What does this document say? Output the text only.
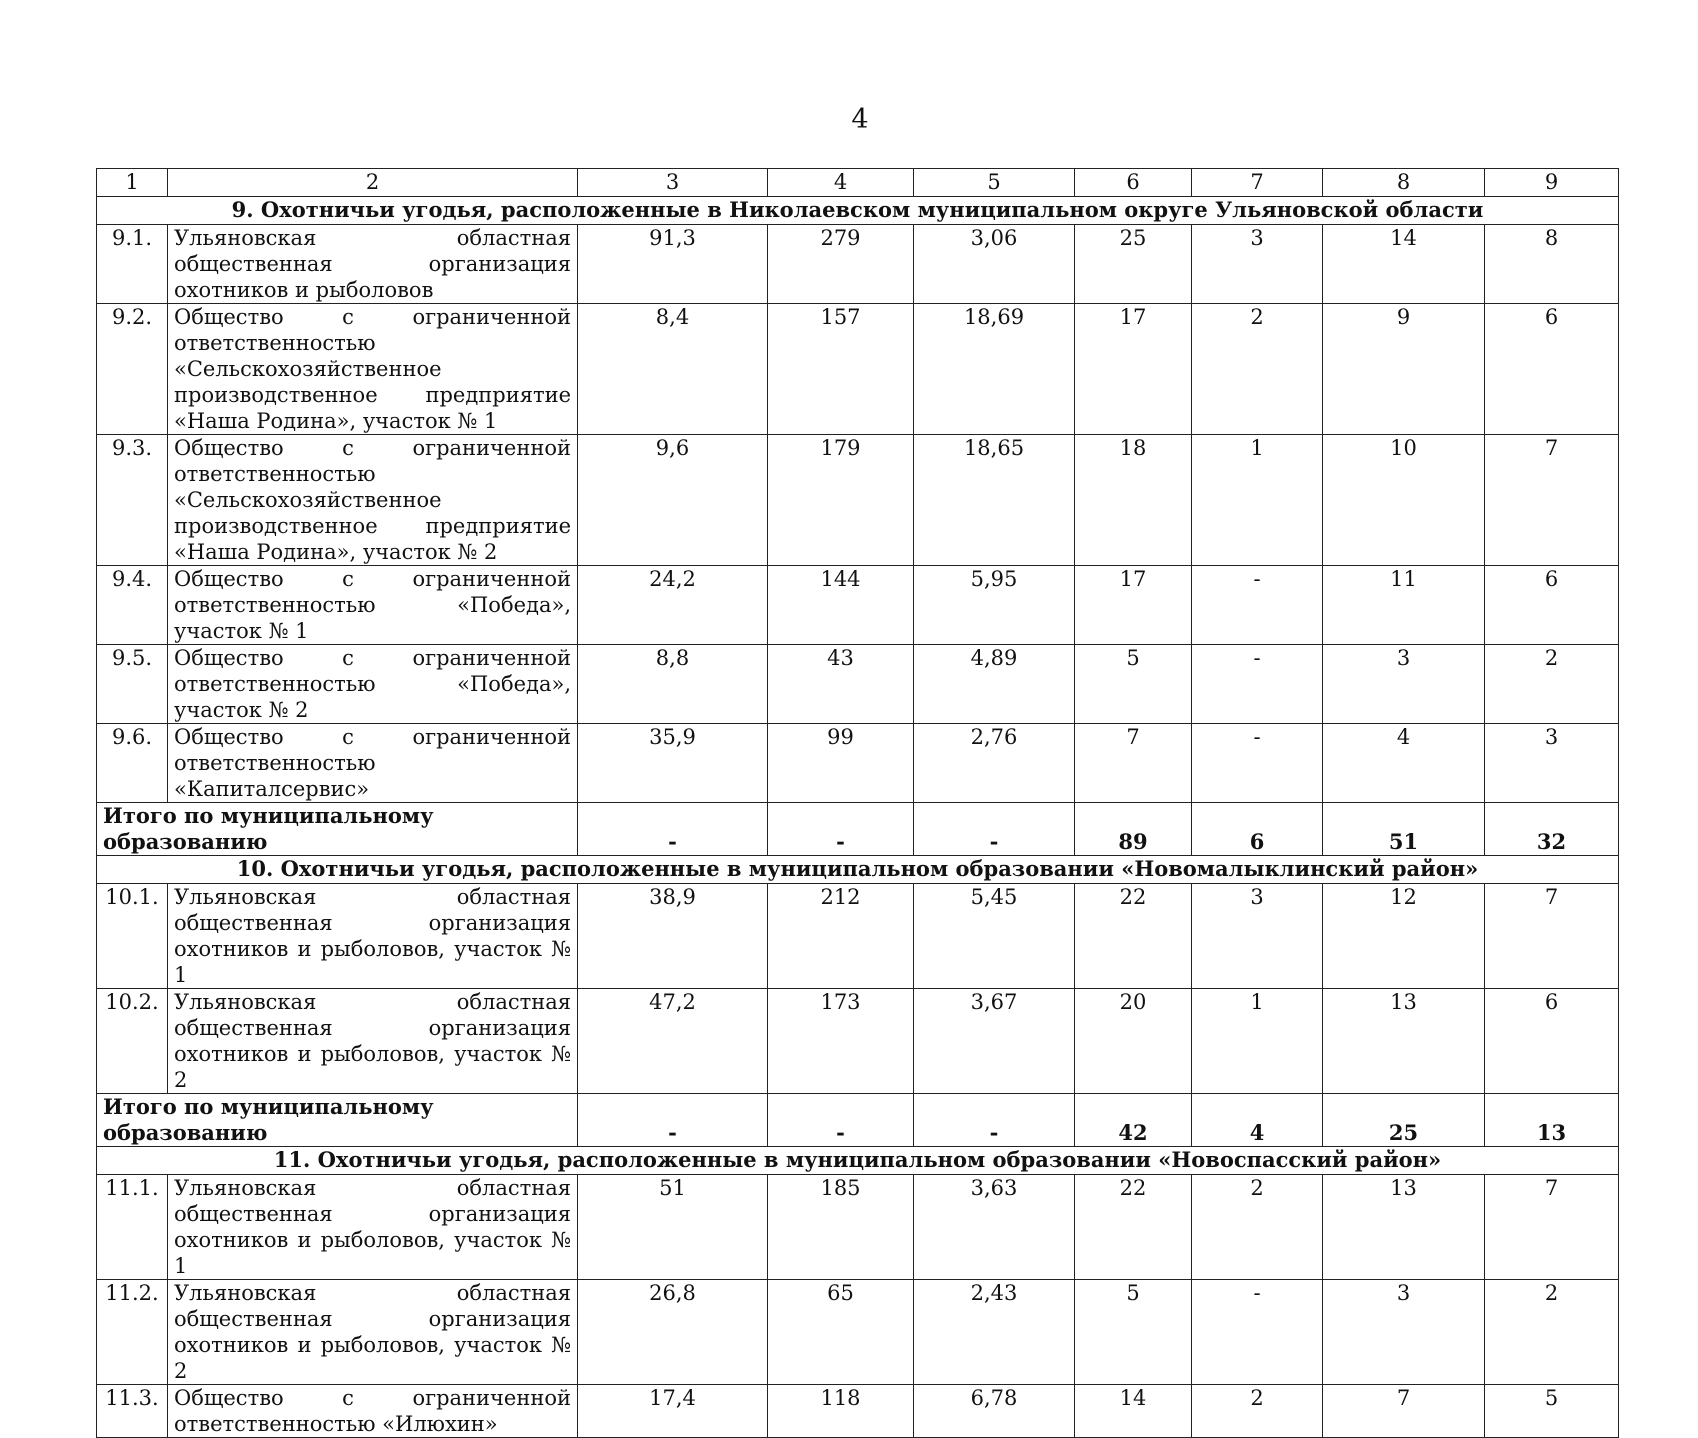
4
1	2	3	4	5	6	7	8	9
9. Охотничьи угодья, расположенные в Николаевском муниципальном округе Ульяновской области								
9.1.	Ульяновская областная общественная организация охотников и рыболовов	91,3	279	3,06	25	3	14	8
9.2.	Общество с ограниченной ответственностью «Сельскохозяйственное производственное предприятие «Наша Родина», участок № 1	8,4	157	18,69	17	2	9	6
9.3.	Общество с ограниченной ответственностью «Сельскохозяйственное производственное предприятие «Наша Родина», участок № 2	9,6	179	18,65	18	1	10	7
9.4.	Общество с ограниченной ответственностью «Победа», участок № 1	24,2	144	5,95	17	-	11	6
9.5.	Общество с ограниченной ответственностью «Победа», участок № 2	8,8	43	4,89	5	-	3	2
9.6.	Общество с ограниченной ответственностью «Капиталсервис»	35,9	99	2,76	7	-	4	3
Итого по муниципальному образованию		-	-	-	89	6	51	32
10. Охотничьи угодья, расположенные в муниципальном образовании «Новомалыклинский район»								
10.1.	Ульяновская областная общественная организация охотников и рыболовов, участок № 1	38,9	212	5,45	22	3	12	7
10.2.	Ульяновская областная общественная организация охотников и рыболовов, участок № 2	47,2	173	3,67	20	1	13	6
Итого по муниципальному образованию		-	-	-	42	4	25	13
11. Охотничьи угодья, расположенные в муниципальном образовании «Новоспасский район»								
11.1.	Ульяновская областная общественная организация охотников и рыболовов, участок № 1	51	185	3,63	22	2	13	7
11.2.	Ульяновская областная общественная организация охотников и рыболовов, участок № 2	26,8	65	2,43	5	-	3	2
11.3.	Общество с ограниченной ответственностью «Илюхин»	17,4	118	6,78	14	2	7	5
